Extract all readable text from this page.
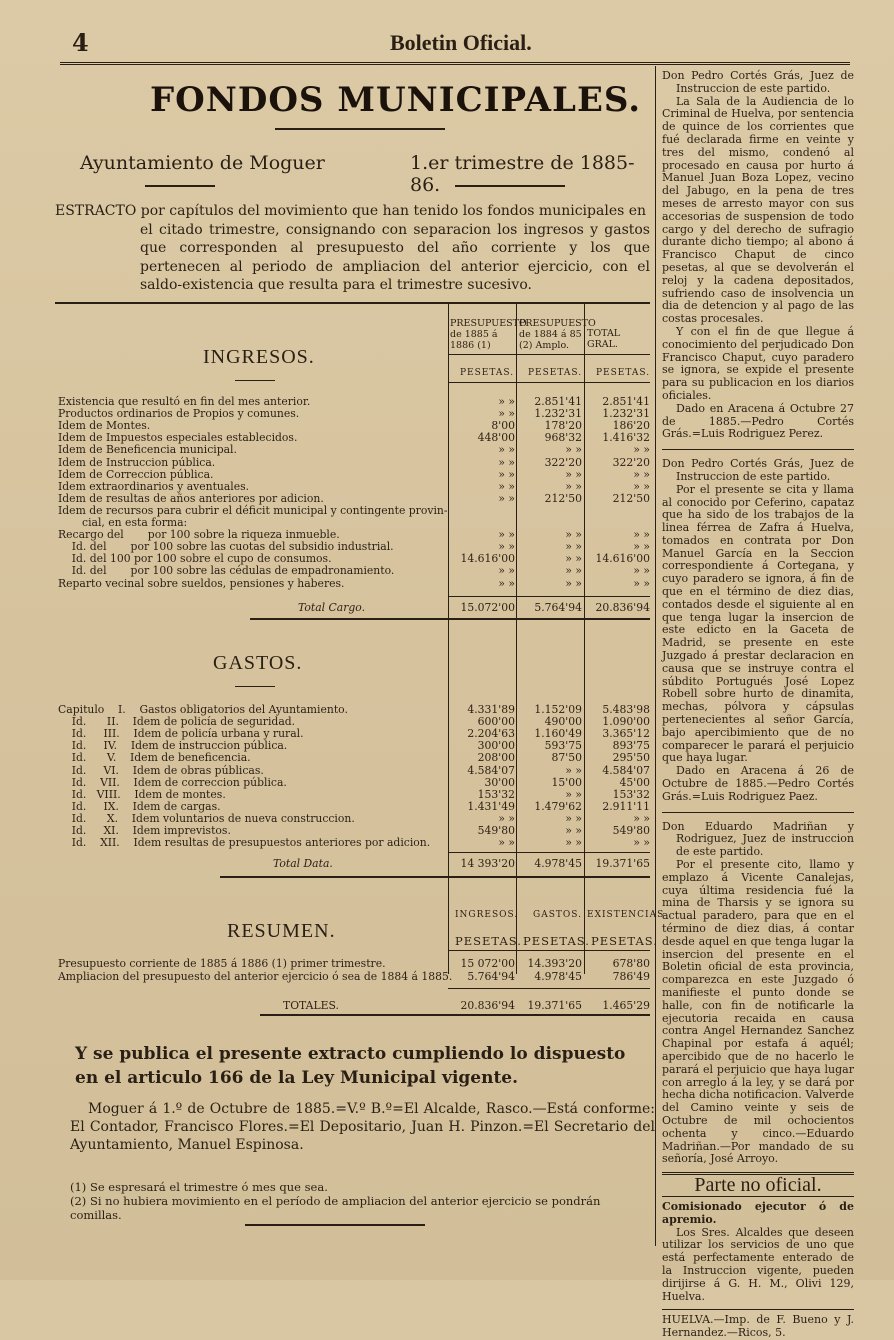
4	Boletin Oficial.
FONDOS MUNICIPALES.
Ayuntamiento de Moguer	1.er trimestre de 1885-86.
ESTRACTO por capítulos del movimiento que han tenido los fondos municipales en
el citado trimestre, consignando con separacion los ingresos y gastos que corresponden al presupuesto del año corriente y los que pertenecen al periodo de ampliacion del anterior ejercicio, con el saldo-existencia que resulta para el trimestre sucesivo.
PRESUPUESTO de 1885 á 1886 (1)
PRESUPUESTO de 1884 á 85 (2) Amplo.
TOTAL GRAL.
PESETAS. PESETAS. PESETAS.
INGRESOS.
Existencia que resultó en fin del mes anterior.	» »	2.851'41	2.851'41
Productos ordinarios de Propios y comunes.	» »	1.232'31	1.232'31
Idem de Montes.	8'00	178'20	186'20
Idem de Impuestos especiales establecidos.	448'00	968'32	1.416'32
Idem de Beneficencia municipal.	» »	» »	» »
Idem de Instruccion pública.	» »	322'20	322'20
Idem de Correccion pública.	» »	» »	» »
Idem extraordinarios y aventuales.	» »	» »	» »
Idem de resultas de años anteriores por adicion.	» »	212'50	212'50
Idem de recursos para cubrir el déficit municipal y contingente provin-
cial, en esta forma:
Recargo del       por 100 sobre la riqueza inmueble.	» »	» »	» »
Id. del       por 100 sobre las cuotas del subsidio industrial.	» »	» »	» »
Id. del 100 por 100 sobre el cupo de consumos.	14.616'00	» »	14.616'00
Id. del       por 100 sobre las cédulas de empadronamiento.	» »	» »	» »
Reparto vecinal sobre sueldos, pensiones y haberes.	» »	» »	» »
Total Cargo.	15.072'00	5.764'94	20.836'94
GASTOS.
Capitulo    I.    Gastos obligatorios del Ayuntamiento.	4.331'89	1.152'09	5.483'98
Id.      II.    Idem de policía de seguridad.	600'00	490'00	1.090'00
Id.     III.    Idem de policía urbana y rural.	2.204'63	1.160'49	3.365'12
Id.     IV.    Idem de instruccion pública.	300'00	593'75	893'75
Id.      V.    Idem de beneficencia.	208'00	87'50	295'50
Id.     VI.    Idem de obras públicas.	4.584'07	» »	4.584'07
Id.    VII.    Idem de correccion pública.	30'00	15'00	45'00
Id.   VIII.    Idem de montes.	153'32	» »	153'32
Id.     IX.    Idem de cargas.	1.431'49	1.479'62	2.911'11
Id.      X.    Idem voluntarios de nueva construccion.	» »	» »	» »
Id.     XI.    Idem imprevistos.	549'80	» »	549'80
Id.    XII.    Idem resultas de presupuestos anteriores por adicion.	» »	» »	» »
Total Data.	14 393'20	4.978'45	19.371'65
RESUMEN.
INGRESOS. GASTOS. EXISTENCIAS
PESETAS. PESETAS. PESETAS.
Presupuesto corriente de 1885 á 1886 (1) primer trimestre.	15 072'00	14.393'20	678'80
Ampliacion del presupuesto del anterior ejercicio ó sea de 1884 á 1885.	5.764'94	4.978'45	786'49
TOTALES.	20.836'94	19.371'65	1.465'29
Y se publica el presente extracto cumpliendo lo dispuesto en el articulo 166 de la Ley Municipal vigente.
Moguer á 1.º de Octubre de 1885.=V.º B.º=El Alcalde, Rasco.—Está conforme: El Contador, Francisco Flores.=El Depositario, Juan H. Pinzon.=El Secretario del Ayuntamiento, Manuel Espinosa.
(1) Se espresará el trimestre ó mes que sea.
(2) Si no hubiera movimiento en el período de ampliacion del anterior ejercicio se pondrán comillas.

Don Pedro Cortés Grás, Juez de Instruccion de este partido.

La Sala de la Audiencia de lo Criminal de Huelva, por sentencia de quince de los corrientes que fué declarada firme en veinte y tres del mismo, condenó al procesado en causa por hurto á Manuel Juan Boza Lopez, vecino del Jabugo, en la pena de tres meses de arresto mayor con sus accesorias de suspension de todo cargo y del derecho de sufragio durante dicho tiempo; al abono á Francisco Chaput de cinco pesetas, al que se devolverán el reloj y la cadena depositados, sufriendo caso de insolvencia un dia de detencion y al pago de las costas procesales.

Y con el fin de que llegue á conocimiento del perjudicado Don Francisco Chaput, cuyo paradero se ignora, se expide el presente para su publicacion en los diarios oficiales.

Dado en Aracena á Octubre 27 de 1885.—Pedro Cortés Grás.=Luis Rodriguez Perez.

Don Pedro Cortés Grás, Juez de Instruccion de este partido.

Por el presente se cita y llama al conocido por Ceferino, capataz que ha sido de los trabajos de la linea férrea de Zafra á Huelva, tomados en contrata por Don Manuel García en la Seccion correspondiente á Cortegana, y cuyo paradero se ignora, á fin de que en el término de diez dias, contados desde el siguiente al en que tenga lugar la insercion de este edicto en la Gaceta de Madrid, se presente en este Juzgado á prestar declaracion en causa que se instruye contra el súbdito Portugués José Lopez Robell sobre hurto de dinamita, mechas, pólvora y cápsulas pertenecientes al señor García, bajo apercibimiento que de no comparecer le parará el perjuicio que haya lugar.

Dado en Aracena á 26 de Octubre de 1885.—Pedro Cortés Grás.=Luis Rodriguez Paez.

Don Eduardo Madriñan y Rodriguez, Juez de instruccion de este partido.

Por el presente cito, llamo y emplazo á Vicente Canalejas, cuya última residencia fué la mina de Tharsis y se ignora su actual paradero, para que en el término de diez dias, á contar desde aquel en que tenga lugar la insercion del presente en el Boletin oficial de esta provincia, comparezca en este Juzgado ó manifieste el punto donde se halle, con fin de notificarle la ejecutoria recaida en causa contra Angel Hernandez Sanchez Chapinal por estafa á aquél; apercibido que de no hacerlo le parará el perjuicio que haya lugar con arreglo á la ley, y se dará por hecha dicha notificacion. Valverde del Camino veinte y seis de Octubre de mil ochocientos ochenta y cinco.—Eduardo Madriñan.—Por mandado de su señoría, José Arroyo.

Parte no oficial.

Comisionado ejecutor ó de apremio.

Los Sres. Alcaldes que deseen utilizar los servicios de uno que está perfectamente enterado de la Instruccion vigente, pueden dirijirse á G. H. M., Olivi 129, Huelva.

HUELVA.—Imp. de F. Bueno y J. Hernandez.—Ricos, 5.
